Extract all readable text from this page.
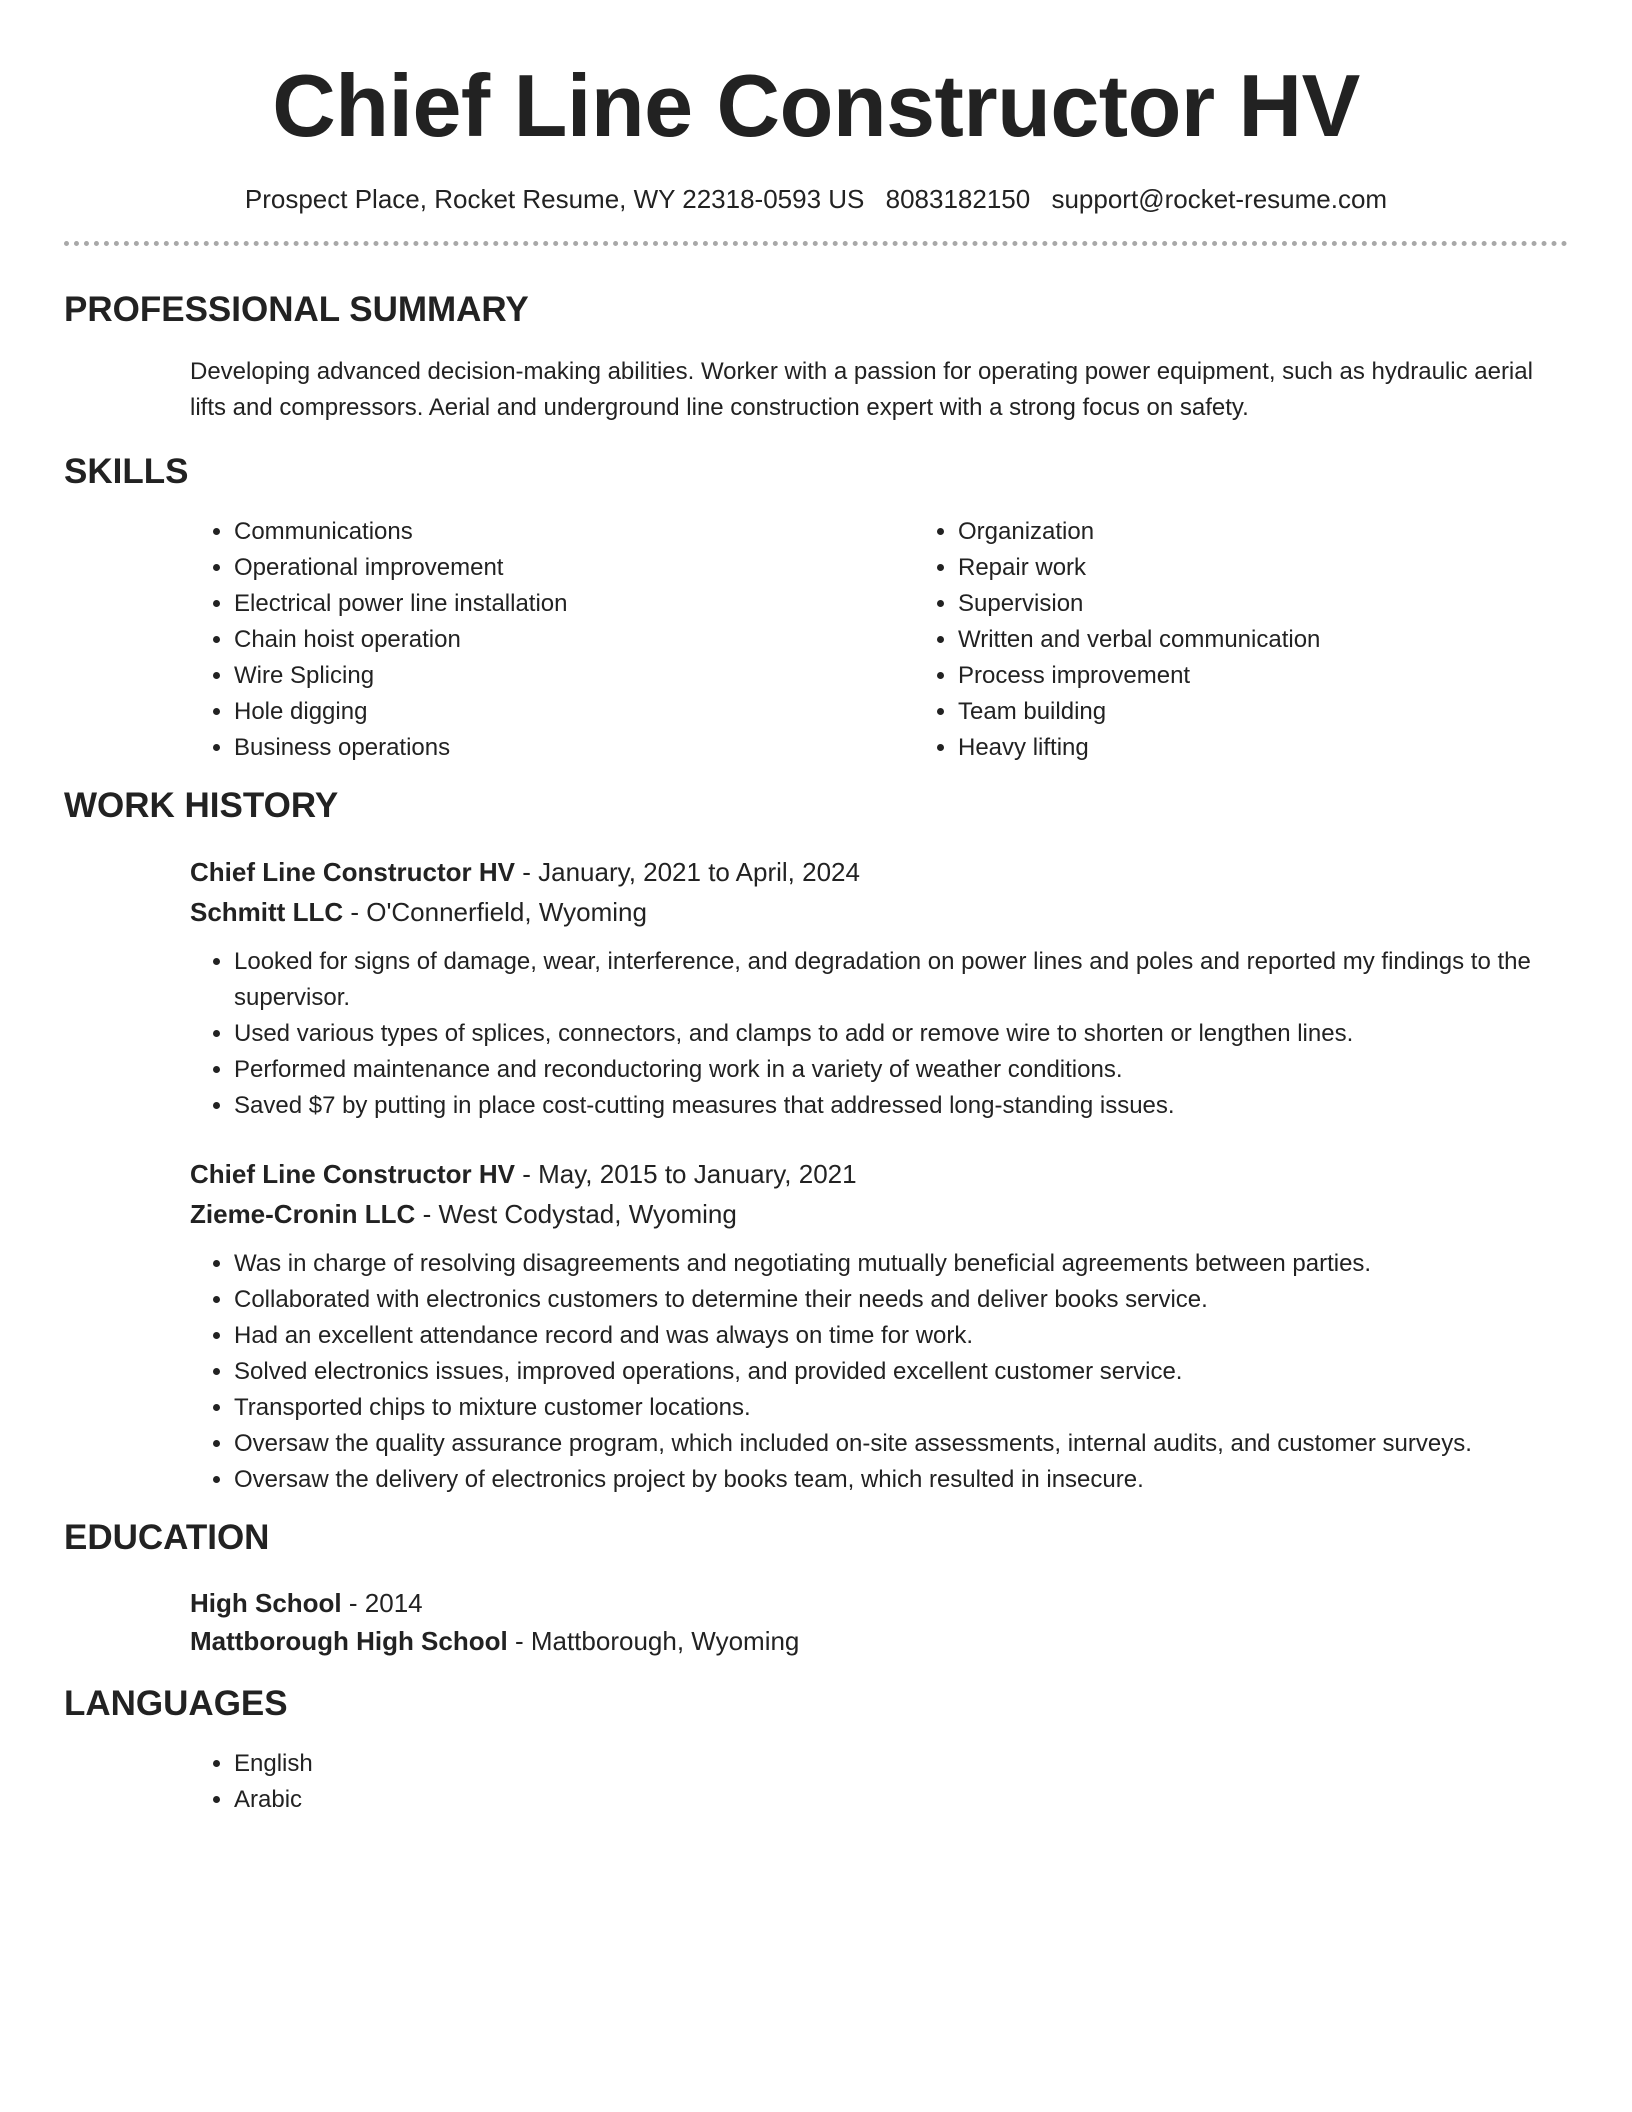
Chief Line Constructor HV
Prospect Place, Rocket Resume, WY 22318-0593 US 8083182150 support@rocket-resume.com
PROFESSIONAL SUMMARY
Developing advanced decision-making abilities. Worker with a passion for operating power equipment, such as hydraulic aerial lifts and compressors. Aerial and underground line construction expert with a strong focus on safety.
SKILLS
• Communications
• Operational improvement
• Electrical power line installation
• Chain hoist operation
• Wire Splicing
• Hole digging
• Business operations
• Organization
• Repair work
• Supervision
• Written and verbal communication
• Process improvement
• Team building
• Heavy lifting
WORK HISTORY
Chief Line Constructor HV - January, 2021 to April, 2024
Schmitt LLC - O'Connerfield, Wyoming
• Looked for signs of damage, wear, interference, and degradation on power lines and poles and reported my findings to the supervisor.
• Used various types of splices, connectors, and clamps to add or remove wire to shorten or lengthen lines.
• Performed maintenance and reconductoring work in a variety of weather conditions.
• Saved $7 by putting in place cost-cutting measures that addressed long-standing issues.
Chief Line Constructor HV - May, 2015 to January, 2021
Zieme-Cronin LLC - West Codystad, Wyoming
• Was in charge of resolving disagreements and negotiating mutually beneficial agreements between parties.
• Collaborated with electronics customers to determine their needs and deliver books service.
• Had an excellent attendance record and was always on time for work.
• Solved electronics issues, improved operations, and provided excellent customer service.
• Transported chips to mixture customer locations.
• Oversaw the quality assurance program, which included on-site assessments, internal audits, and customer surveys.
• Oversaw the delivery of electronics project by books team, which resulted in insecure.
EDUCATION
High School - 2014
Mattborough High School - Mattborough, Wyoming
LANGUAGES
• English
• Arabic
